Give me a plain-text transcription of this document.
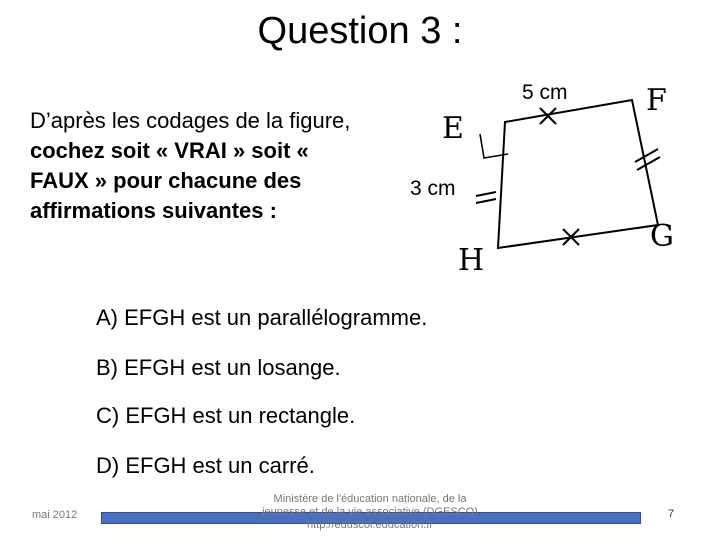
Question 3 :
D’après les codages de la figure, cochez soit « VRAI » soit « FAUX » pour chacune des affirmations suivantes :
E
F
G
H
5 cm
3 cm
A) EFGH est un parallélogramme.
B) EFGH est un losange.
C) EFGH est un rectangle.
D) EFGH est un carré.
mai 2012
Ministère de l'éducation nationale, de la
jeunesse et de la vie associative (DGESCO)
http://eduscol.education.fr
7
